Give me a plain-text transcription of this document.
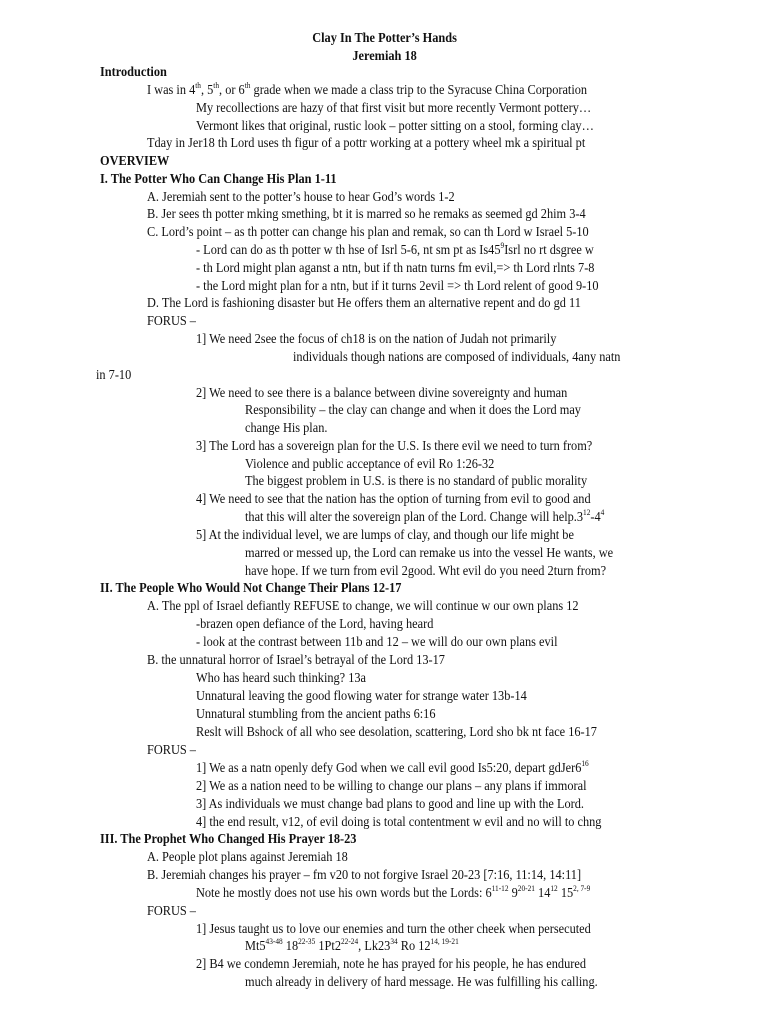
Clay In The Potter’s Hands
Jeremiah 18
Introduction
I was in 4th, 5th, or 6th grade when we made a class trip to the Syracuse China Corporation
My recollections are hazy of that first visit but more recently Vermont pottery…
Vermont likes that original, rustic look – potter sitting on a stool, forming clay…
Tday in Jer18 th Lord uses th figur of a pottr working at a pottery wheel mk a spiritual pt
OVERVIEW
I. The Potter Who Can Change His Plan 1-11
A. Jeremiah sent to the potter’s house to hear God’s words 1-2
B. Jer sees th potter mking smething, bt it is marred so he remaks as seemed gd 2him 3-4
C. Lord’s point – as th potter can change his plan and remak, so can th Lord w Israel 5-10
- Lord can do as th potter w th hse of Isrl 5-6, nt sm pt as $Is45^9Isrl$ no rt dsgree w
- th Lord might plan aganst a ntn, but if th natn turns fm evil,=> th Lord rlnts 7-8
- the Lord might plan for a ntn, but if it turns 2evil => th Lord relent of good 9-10
D. The Lord is fashioning disaster but He offers them an alternative repent and do gd 11
FORUS –
1] We need 2see the focus of ch18 is on the nation of Judah not primarily
individuals though nations are composed of individuals, 4any natn
in 7-10
2] We need to see there is a balance between divine sovereignty and human
Responsibility – the clay can change and when it does the Lord may
change His plan.
3] The Lord has a sovereign plan for the U.S. Is there evil we need to turn from?
Violence and public acceptance of evil Ro 1:26-32
The biggest problem in U.S. is there is no standard of public morality
4] We need to see that the nation has the option of turning from evil to good and
that this will alter the sovereign plan of the Lord. Change will $help.3^{12}-4^4$
5] At the individual level, we are lumps of clay, and though our life might be
marred or messed up, the Lord can remake us into the vessel He wants, we
have hope. If we turn from evil 2good. Wht evil do you need 2turn from?
II. The People Who Would Not Change Their Plans 12-17
A. The ppl of Israel defiantly REFUSE to change, we will continue w our own plans 12
-brazen open defiance of the Lord, having heard
- look at the contrast between 11b and 12 – we will do our own plans evil
B. the unnatural horror of Israel’s betrayal of the Lord 13-17
Who has heard such thinking? 13a
Unnatural leaving the good flowing water for strange water 13b-14
Unnatural stumbling from the ancient paths 6:16
Reslt will Bshock of all who see desolation, scattering, Lord sho bk nt face 16-17
FORUS –
1] We as a natn openly defy God when we call evil good Is5:20, depart $gdJer6^{16}$
2] We as a nation need to be willing to change our plans – any plans if immoral
3] As individuals we must change bad plans to good and line up with the Lord.
4] the end result, v12, of evil doing is total contentment w evil and no will to chng
III. The Prophet Who Changed His Prayer 18-23
A. People plot plans against Jeremiah 18
B. Jeremiah changes his prayer – fm v20 to not forgive Israel 20-23 [7:16, 11:14, 14:11]
Note he mostly does not use his own words but the Lords: 6$^{11-12}$ 9$^{20-21}$ $14^{12}$ 15$^{2, 7-9}$
FORUS –
1] Jesus taught us to love our enemies and turn the other cheek when persecuted
Mt5$^{43-48}$ 18$^{22-35}$ 1Pt2$^{22-24}$, $Lk23^{34}$ Ro 12$^{14, 19-21}$
2] B4 we condemn Jeremiah, note he has prayed for his people, he has endured
much already in delivery of hard message. He was fulfilling his calling.
